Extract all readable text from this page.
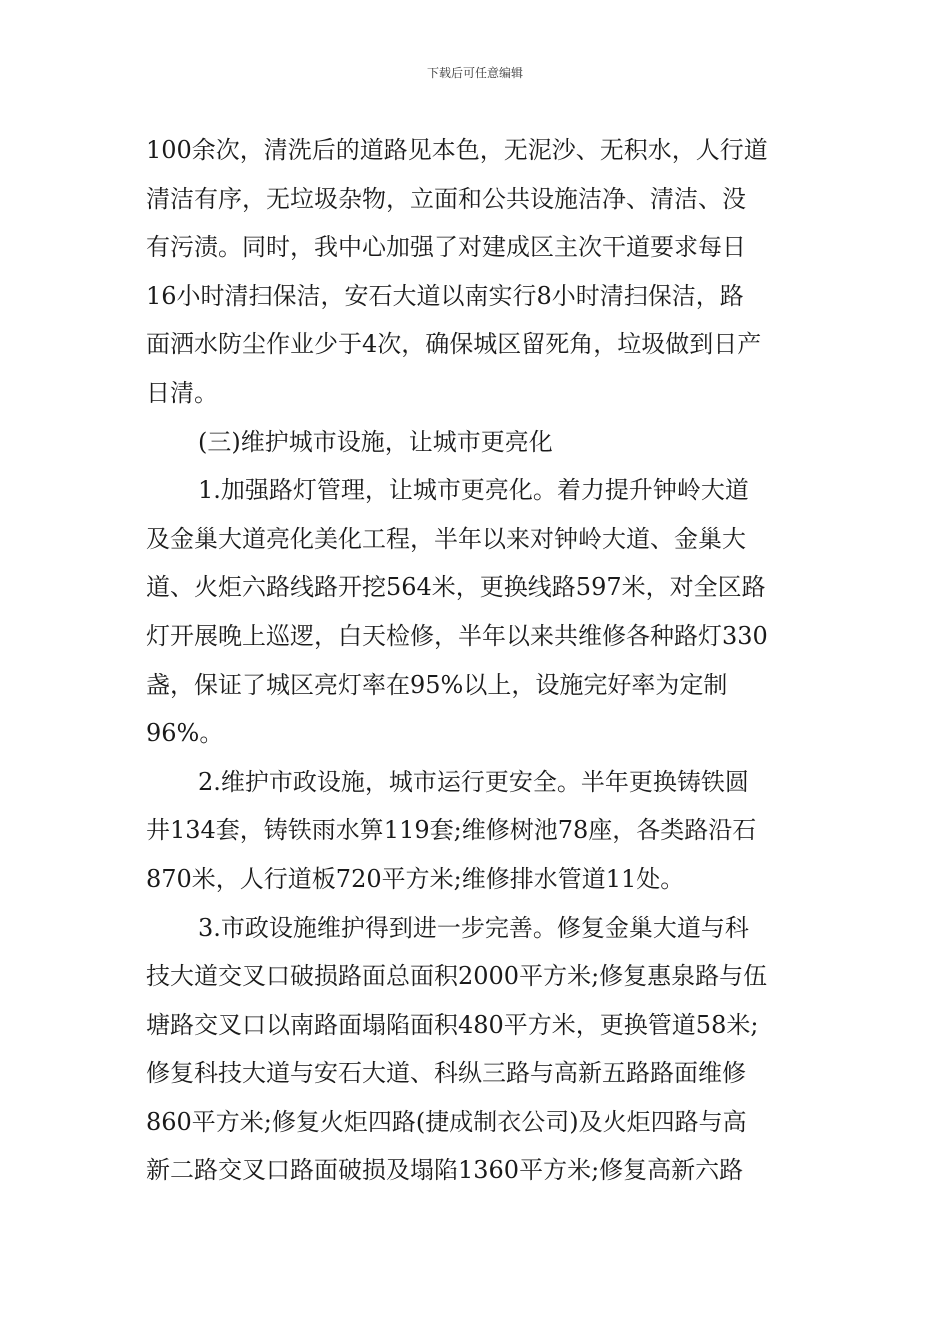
下载后可任意编辑
100余次，清洗后的道路见本色，无泥沙、无积水，人行道
清洁有序，无垃圾杂物，立面和公共设施洁净、清洁、没
有污渍。同时，我中心加强了对建成区主次干道要求每日
16小时清扫保洁，安石大道以南实行8小时清扫保洁，路
面洒水防尘作业少于4次，确保城区留死角，垃圾做到日产
日清。
(三)维护城市设施，让城市更亮化
1.加强路灯管理，让城市更亮化。着力提升钟岭大道
及金巢大道亮化美化工程，半年以来对钟岭大道、金巢大
道、火炬六路线路开挖564米，更换线路597米，对全区路
灯开展晚上巡逻，白天检修，半年以来共维修各种路灯330
盏，保证了城区亮灯率在95%以上，设施完好率为定制
96%。
2.维护市政设施，城市运行更安全。半年更换铸铁圆
井134套，铸铁雨水箅119套;维修树池78座，各类路沿石
870米，人行道板720平方米;维修排水管道11处。
3.市政设施维护得到进一步完善。修复金巢大道与科
技大道交叉口破损路面总面积2000平方米;修复惠泉路与伍
塘路交叉口以南路面塌陷面积480平方米，更换管道58米;
修复科技大道与安石大道、科纵三路与高新五路路面维修
860平方米;修复火炬四路(捷成制衣公司)及火炬四路与高
新二路交叉口路面破损及塌陷1360平方米;修复高新六路
